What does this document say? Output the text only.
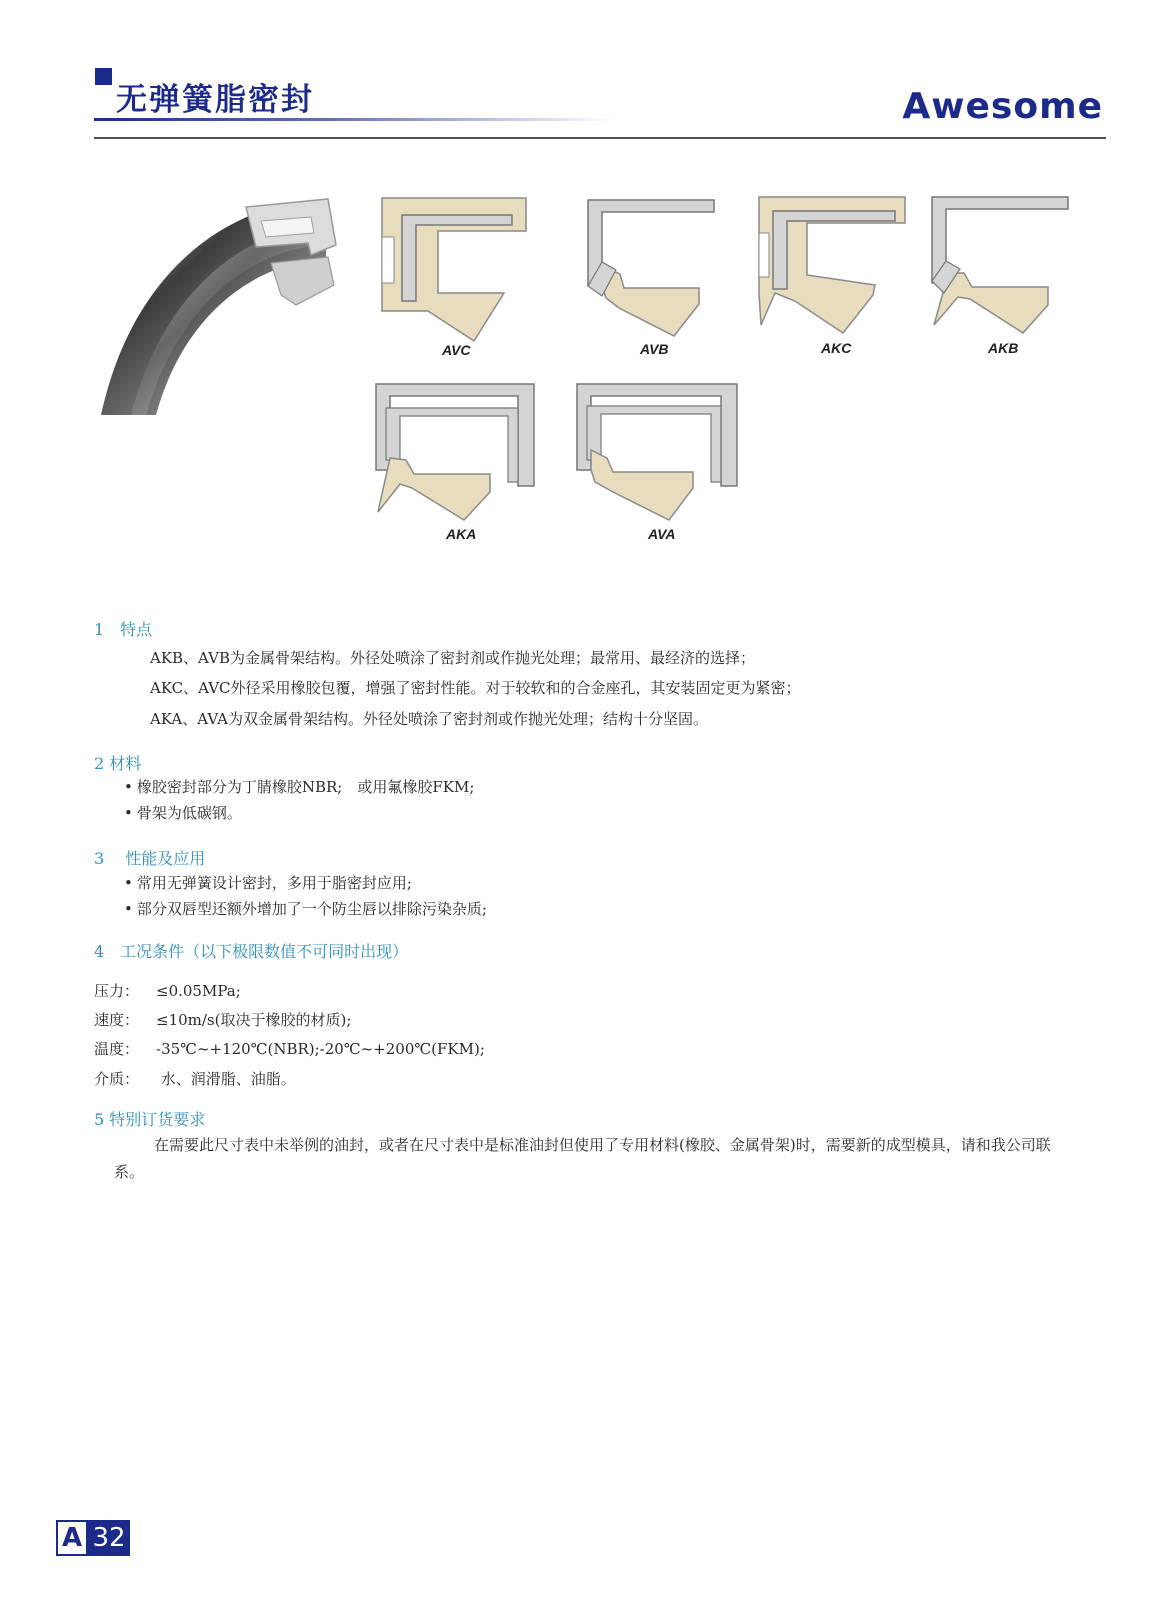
无弹簧脂密封	Awesome
AVC	AVB	AKC	AKB
AKA	AVA
1　特点
AKB、AVB为金属骨架结构。外径处喷涂了密封剂或作抛光处理；最常用、最经济的选择；
AKC、AVC外径采用橡胶包覆，增强了密封性能。对于较软和的合金座孔，其安装固定更为紧密；
AKA、AVA为双金属骨架结构。外径处喷涂了密封剂或作抛光处理；结构十分坚固。
2 材料
• 橡胶密封部分为丁腈橡胶NBR;　或用氟橡胶FKM;
• 骨架为低碳钢。
3　 性能及应用
• 常用无弹簧设计密封，多用于脂密封应用;
• 部分双唇型还额外增加了一个防尘唇以排除污染杂质;
4　工况条件（以下极限数值不可同时出现）
压力： ≤0.05MPa;
速度： ≤10m/s(取决于橡胶的材质);
温度： -35℃~+120℃(NBR);-20℃~+200℃(FKM);
介质： 水、润滑脂、油脂。
5 特别订货要求
在需要此尺寸表中未举例的油封，或者在尺寸表中是标准油封但使用了专用材料(橡胶、金属骨架)时，需要新的成型模具，请和我公司联系。
A 32
